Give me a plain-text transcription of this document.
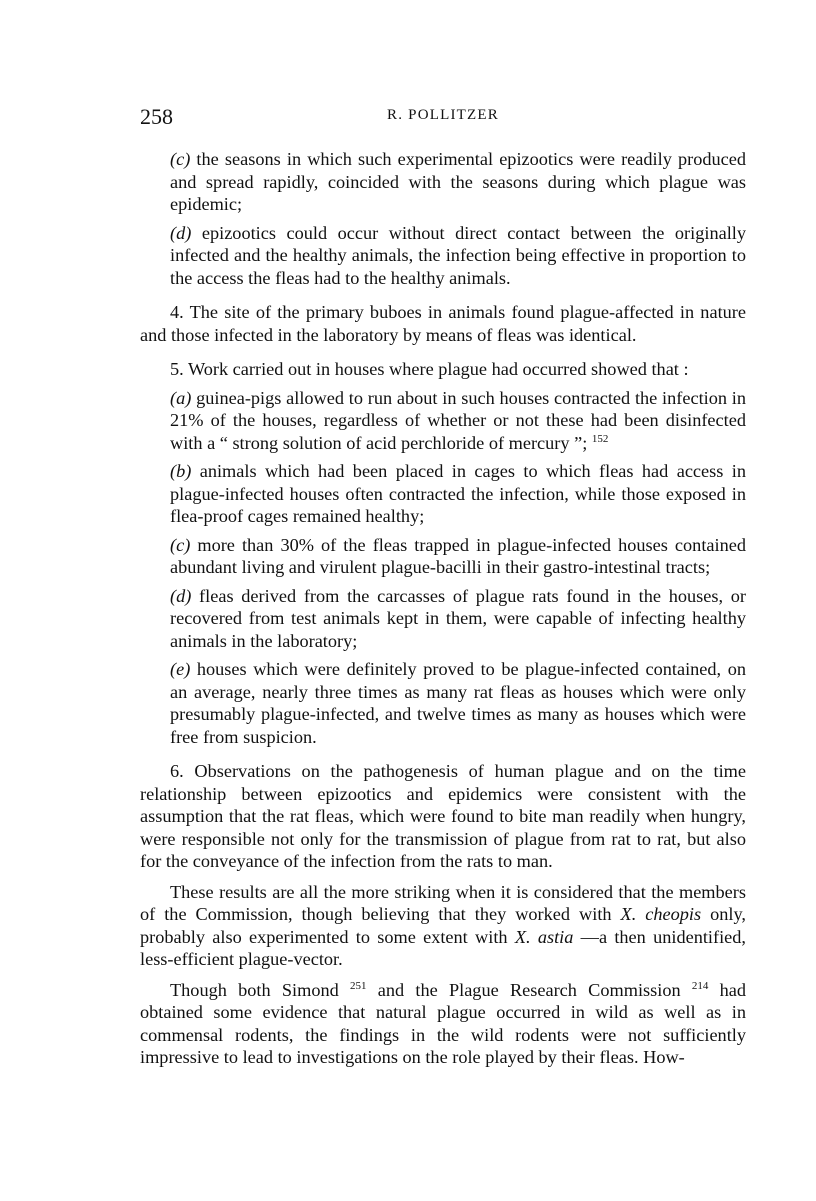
258	R. POLLITZER

(c) the seasons in which such experimental epizootics were readily produced and spread rapidly, coincided with the seasons during which plague was epidemic;

(d) epizootics could occur without direct contact between the originally infected and the healthy animals, the infection being effective in proportion to the access the fleas had to the healthy animals.

4. The site of the primary buboes in animals found plague-affected in nature and those infected in the laboratory by means of fleas was identical.

5. Work carried out in houses where plague had occurred showed that :

(a) guinea-pigs allowed to run about in such houses contracted the infection in 21% of the houses, regardless of whether or not these had been disinfected with a “ strong solution of acid perchloride of mercury ”; $^{152}$

(b) animals which had been placed in cages to which fleas had access in plague-infected houses often contracted the infection, while those exposed in flea-proof cages remained healthy;

(c) more than 30% of the fleas trapped in plague-infected houses contained abundant living and virulent plague-bacilli in their gastro-intestinal tracts;

(d) fleas derived from the carcasses of plague rats found in the houses, or recovered from test animals kept in them, were capable of infecting healthy animals in the laboratory;

(e) houses which were definitely proved to be plague-infected contained, on an average, nearly three times as many rat fleas as houses which were only presumably plague-infected, and twelve times as many as houses which were free from suspicion.

6. Observations on the pathogenesis of human plague and on the time relationship between epizootics and epidemics were consistent with the assumption that the rat fleas, which were found to bite man readily when hungry, were responsible not only for the transmission of plague from rat to rat, but also for the conveyance of the infection from the rats to man.

These results are all the more striking when it is considered that the members of the Commission, though believing that they worked with X. cheopis only, probably also experimented to some extent with X. astia —a then unidentified, less-efficient plague-vector.

Though both Simond $^{251}$ and the Plague Research Commission $^{214}$ had obtained some evidence that natural plague occurred in wild as well as in commensal rodents, the findings in the wild rodents were not sufficiently impressive to lead to investigations on the role played by their fleas. How-
